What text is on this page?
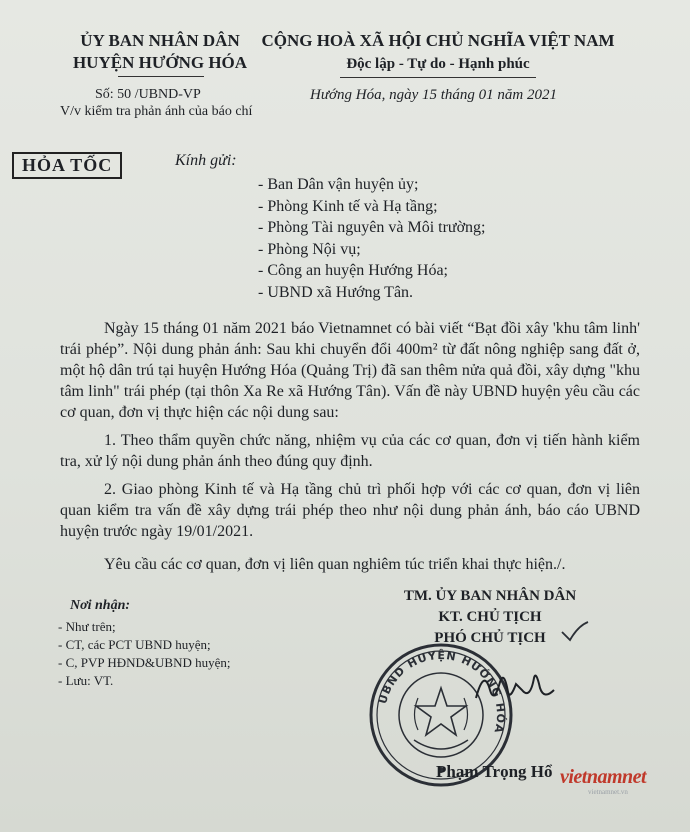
ỦY BAN NHÂN DÂN
HUYỆN HƯỚNG HÓA
CỘNG HOÀ XÃ HỘI CHỦ NGHĨA VIỆT NAM
Độc lập - Tự do - Hạnh phúc
Số: 50 /UBND-VP
V/v kiểm tra phản ánh của báo chí
Hướng Hóa, ngày 15 tháng 01 năm 2021
HỎA TỐC	Kính gửi:
- Ban Dân vận huyện ủy;
- Phòng Kinh tế và Hạ tầng;
- Phòng Tài nguyên và Môi trường;
- Phòng Nội vụ;
- Công an huyện Hướng Hóa;
- UBND xã Hướng Tân.

Ngày 15 tháng 01 năm 2021 báo Vietnamnet có bài viết “Bạt đồi xây 'khu tâm linh' trái phép”. Nội dung phản ánh: Sau khi chuyển đổi 400m² từ đất nông nghiệp sang đất ở, một hộ dân trú tại huyện Hướng Hóa (Quảng Trị) đã san thêm nửa quả đồi, xây dựng "khu tâm linh" trái phép (tại thôn Xa Re xã Hướng Tân). Vấn đề này UBND huyện yêu cầu các cơ quan, đơn vị thực hiện các nội dung sau:

1. Theo thẩm quyền chức năng, nhiệm vụ của các cơ quan, đơn vị tiến hành kiểm tra, xử lý nội dung phản ánh theo đúng quy định.

2. Giao phòng Kinh tế và Hạ tầng chủ trì phối hợp với các cơ quan, đơn vị liên quan kiểm tra vấn đề xây dựng trái phép theo như nội dung phản ánh, báo cáo UBND huyện trước ngày 19/01/2021.

Yêu cầu các cơ quan, đơn vị liên quan nghiêm túc triển khai thực hiện./.

Nơi nhận:
- Như trên;
- CT, các PCT UBND huyện;
- C, PVP HĐND&UBND huyện;
- Lưu: VT.
TM. ỦY BAN NHÂN DÂN
KT. CHỦ TỊCH
PHÓ CHỦ TỊCH
UBND HUYỆN HƯỚNG HÓA
Phạm Trọng Hổ vietnamnet
vietnamnet.vn
